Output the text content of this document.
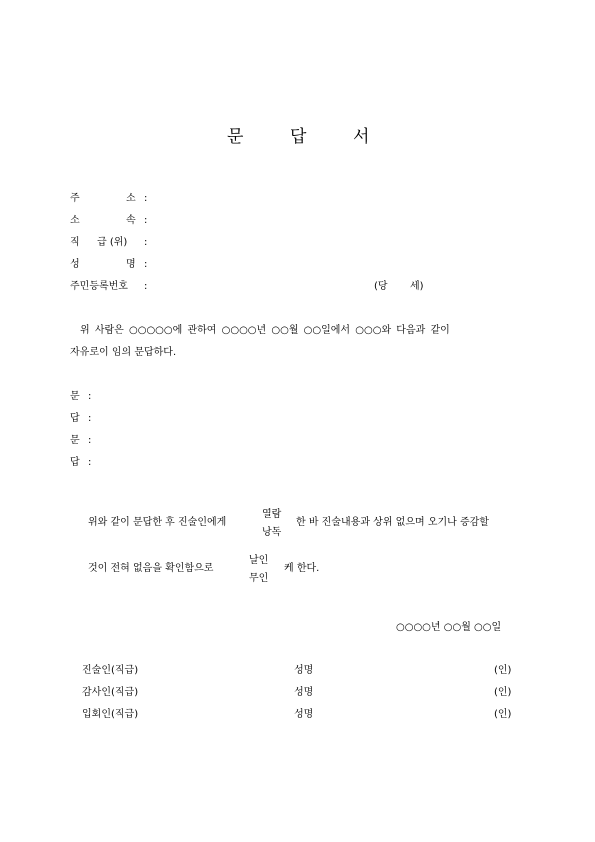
문	답	서
주	소 :
소	속 :
직 급 (위) :
성	명 :
주민등록번호 :	(당 세)
위 사람은 ○○○○○에 관하여 ○○○○년 ○○월 ○○일에서 ○○○와 다음과 같이
자유로이 임의 문답하다.
문 :
답 :
문 :
답 :
위와 같이 문답한 후 진술인에게
열람
낭독
한 바 진술내용과 상위 없으며 오기나 증감할
것이 전혀 없음을 확인함으로
날인
무인
케 한다.
○○○○년 ○○월 ○○일
진술인(직급)	성명	(인)
감사인(직급)	성명	(인)
입회인(직급)	성명	(인)
